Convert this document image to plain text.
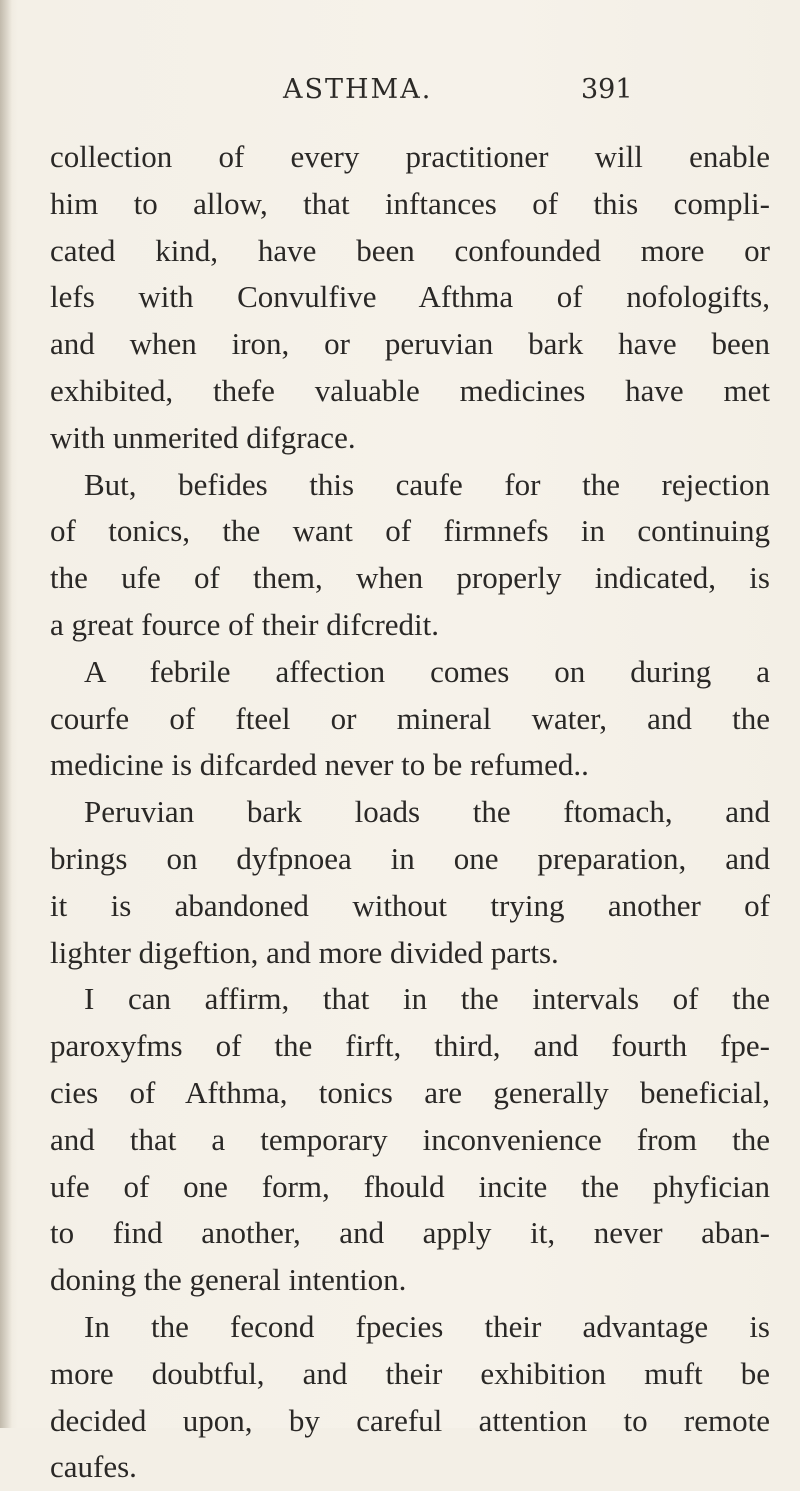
ASTHMA.	391
collection of every practitioner will enable
him to allow, that inftances of this compli-
cated kind, have been confounded more or
lefs with Convulfive Afthma of nofologifts,
and when iron, or peruvian bark have been
exhibited, thefe valuable medicines have met
with unmerited difgrace.
But, befides this caufe for the rejection
of tonics, the want of firmnefs in continuing
the ufe of them, when properly indicated, is
a great fource of their difcredit.
A febrile affection comes on during a
courfe of fteel or mineral water, and the
medicine is difcarded never to be refumed..
Peruvian bark loads the ftomach, and
brings on dyfpnoea in one preparation, and
it is abandoned without trying another of
lighter digeftion, and more divided parts.
I can affirm, that in the intervals of the
paroxyfms of the firft, third, and fourth fpe-
cies of Afthma, tonics are generally beneficial,
and that a temporary inconvenience from the
ufe of one form, fhould incite the phyfician
to find another, and apply it, never aban-
doning the general intention.
In the fecond fpecies their advantage is
more doubtful, and their exhibition muft be
decided upon, by careful attention to remote
caufes.
